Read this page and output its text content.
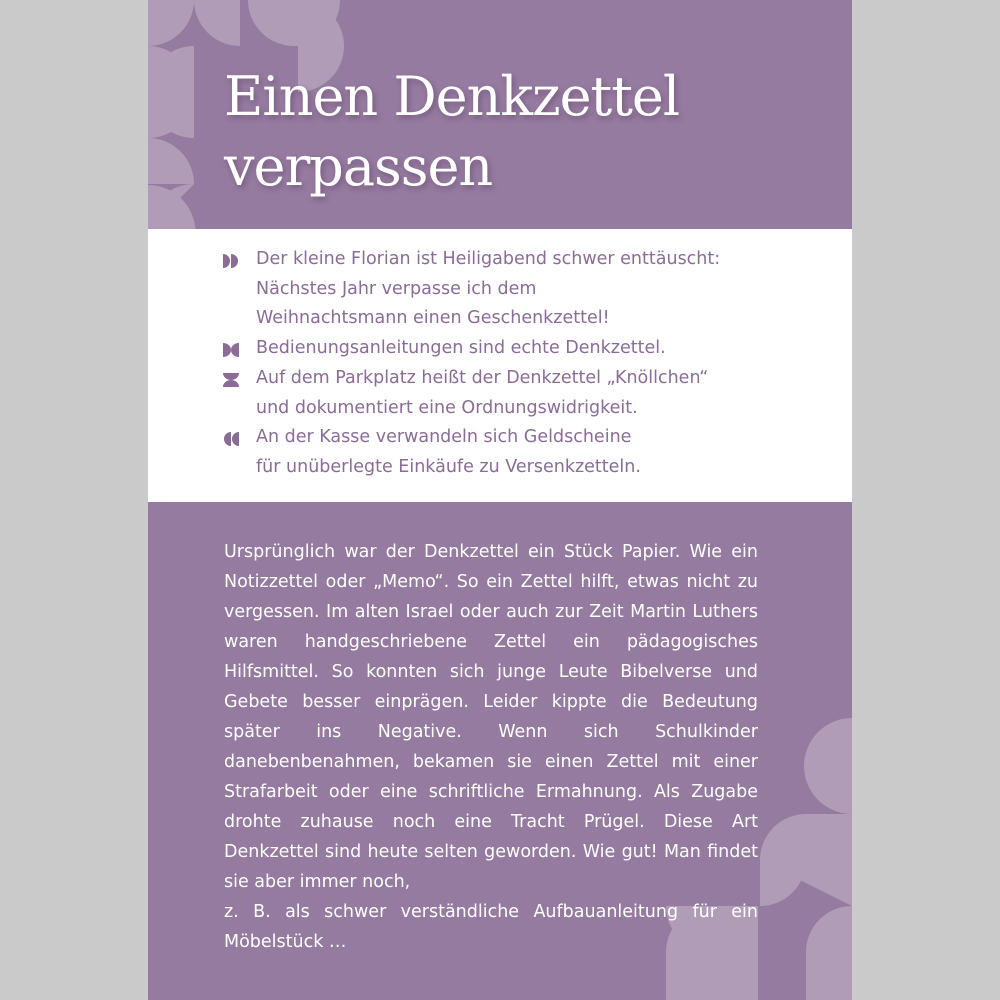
Einen Denkzettel
verpassen
Der kleine Florian ist Heiligabend schwer enttäuscht:
Nächstes Jahr verpasse ich dem
Weihnachtsmann einen Geschenkzettel!
Bedienungsanleitungen sind echte Denkzettel.
Auf dem Parkplatz heißt der Denkzettel „Knöllchen“
und dokumentiert eine Ordnungswidrigkeit.
An der Kasse verwandeln sich Geldscheine
für unüberlegte Einkäufe zu Versenkzetteln.
Ursprünglich war der Denkzettel ein Stück Papier. Wie ein Notizzettel oder „Memo“. So ein Zettel hilft, etwas nicht zu vergessen. Im alten Israel oder auch zur Zeit Martin Luthers waren handgeschriebene Zettel ein pädagogisches Hilfsmittel. So konnten sich junge Leute Bibelverse und Gebete besser einprägen. Leider kippte die Bedeutung später ins Negative. Wenn sich Schulkinder danebenbenahmen, bekamen sie einen Zettel mit einer Strafarbeit oder eine schriftliche Ermahnung. Als Zugabe drohte zuhause noch eine Tracht Prügel. Diese Art Denkzettel sind heute selten geworden. Wie gut! Man findet sie aber immer noch,
z. B. als schwer verständliche Aufbauanleitung für ein Möbelstück …
